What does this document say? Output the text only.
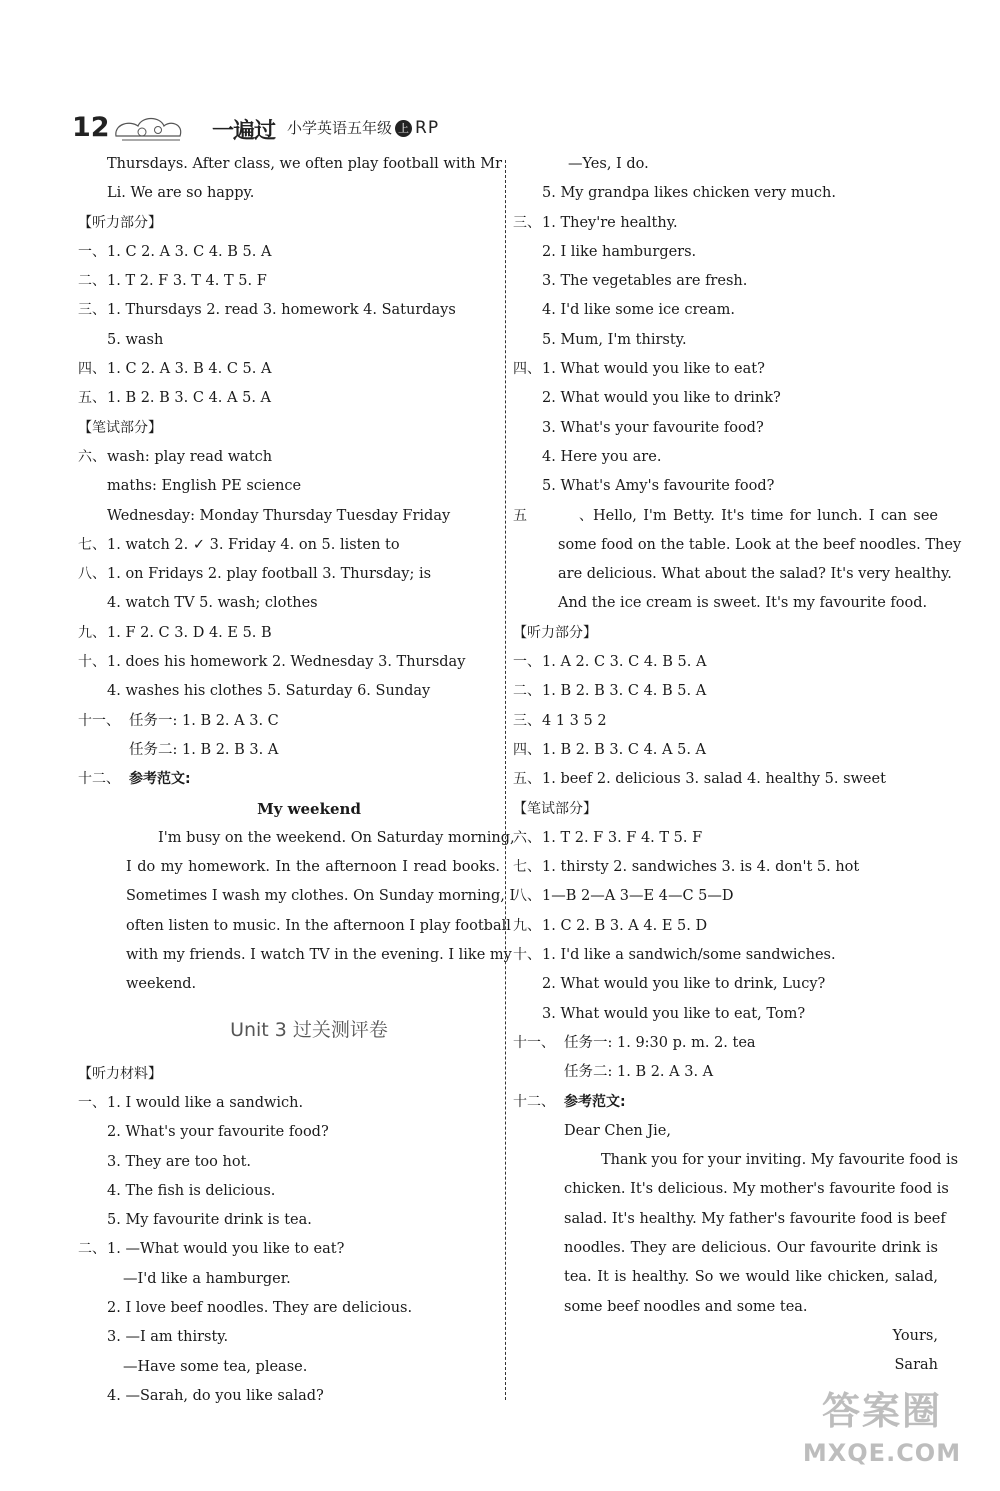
12	一遍过 小学英语五年级 上 RP
Thursdays. After class, we often play football with Mr
Li. We are so happy.
【听力部分】
一、1. C 2. A 3. C 4. B 5. A
二、1. T 2. F 3. T 4. T 5. F
三、1. Thursdays 2. read 3. homework 4. Saturdays
5. wash
四、1. C 2. A 3. B 4. C 5. A
五、1. B 2. B 3. C 4. A 5. A
【笔试部分】
六、wash: play read watch
maths: English PE science
Wednesday: Monday Thursday Tuesday Friday
七、1. watch 2. ✓ 3. Friday 4. on 5. listen to
八、1. on Fridays 2. play football 3. Thursday; is
4. watch TV 5. wash; clothes
九、1. F 2. C 3. D 4. E 5. B
十、1. does his homework 2. Wednesday 3. Thursday
4. washes his clothes 5. Saturday 6. Sunday
十一、 任务一: 1. B 2. A 3. C
任务二: 1. B 2. B 3. A
十二、 参考范文:
My weekend
I'm busy on the weekend. On Saturday morning,
I do my homework. In the afternoon I read books.
Sometimes I wash my clothes. On Sunday morning, I
often listen to music. In the afternoon I play football
with my friends. I watch TV in the evening. I like my
weekend.
Unit 3 过关测评卷
【听力材料】
一、1. I would like a sandwich.
2. What's your favourite food?
3. They are too hot.
4. The fish is delicious.
5. My favourite drink is tea.
二、1. —What would you like to eat?
—I'd like a hamburger.
2. I love beef noodles. They are delicious.
3. —I am thirsty.
—Have some tea, please.
4. —Sarah, do you like salad?
—Yes, I do.
5. My grandpa likes chicken very much.
三、1. They're healthy.
2. I like hamburgers.
3. The vegetables are fresh.
4. I'd like some ice cream.
5. Mum, I'm thirsty.
四、1. What would you like to eat?
2. What would you like to drink?
3. What's your favourite food?
4. Here you are.
5. What's Amy's favourite food?
五、Hello, I'm Betty. It's time for lunch. I can see
some food on the table. Look at the beef noodles. They
are delicious. What about the salad? It's very healthy.
And the ice cream is sweet. It's my favourite food.
【听力部分】
一、1. A 2. C 3. C 4. B 5. A
二、1. B 2. B 3. C 4. B 5. A
三、4 1 3 5 2
四、1. B 2. B 3. C 4. A 5. A
五、1. beef 2. delicious 3. salad 4. healthy 5. sweet
【笔试部分】
六、1. T 2. F 3. F 4. T 5. F
七、1. thirsty 2. sandwiches 3. is 4. don't 5. hot
八、1—B 2—A 3—E 4—C 5—D
九、1. C 2. B 3. A 4. E 5. D
十、1. I'd like a sandwich/some sandwiches.
2. What would you like to drink, Lucy?
3. What would you like to eat, Tom?
十一、 任务一: 1. 9:30 p. m. 2. tea
任务二: 1. B 2. A 3. A
十二、 参考范文:
Dear Chen Jie,
Thank you for your inviting. My favourite food is
chicken. It's delicious. My mother's favourite food is
salad. It's healthy. My father's favourite food is beef
noodles. They are delicious. Our favourite drink is
tea. It is healthy. So we would like chicken, salad,
some beef noodles and some tea.
Yours,
Sarah
答案圈
MXQE.COM
